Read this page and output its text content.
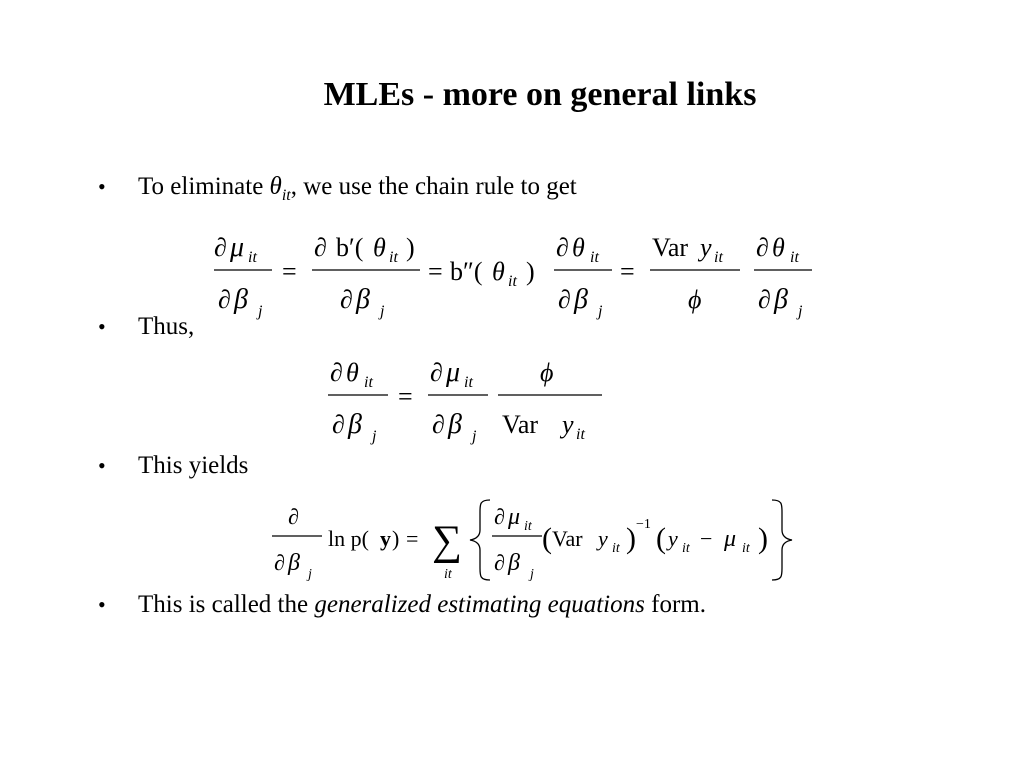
MLEs - more on general links
• To eliminate $\theta_{it}$, we use the chain rule to get
∂ μ it
∂ β j
=
∂ b′( θ it )
∂ β j
= b″( θ it )
∂ θ it
∂ β j
=
Var y it
ϕ
∂ θ it
∂ β j
• Thus,
∂ θ it
∂ β j
=
∂ μ it
∂ β j
ϕ
Var y it
• This yields
∂
∂ β j
ln p( y ) = ∑
it
∂ μ it
∂ β j
( Var y it ) −1 ( y it − μ it )
• This is called the generalized estimating equations form.
